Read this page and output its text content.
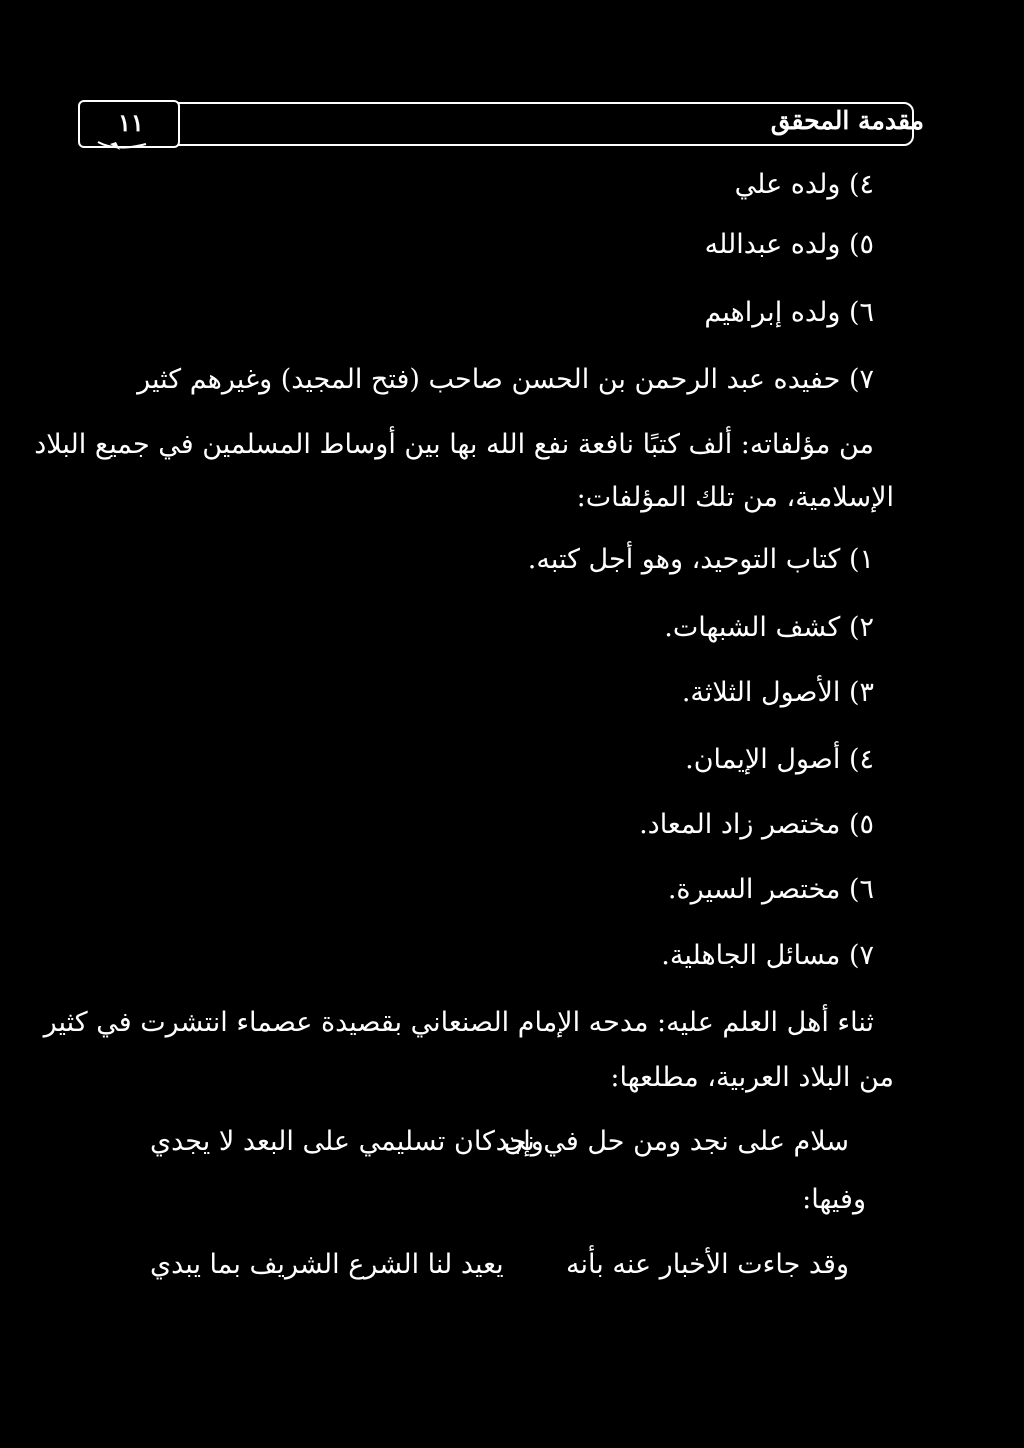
مقدمة المحقق
١١
٤) ولده علي
٥) ولده عبدالله
٦) ولده إبراهيم
٧) حفيده عبد الرحمن بن الحسن صاحب (فتح المجيد) وغيرهم كثير
من مؤلفاته: ألف كتبًا نافعة نفع الله بها بين أوساط المسلمين في جميع البلاد
الإسلامية، من تلك المؤلفات:
١) كتاب التوحيد، وهو أجل كتبه.
٢) كشف الشبهات.
٣) الأصول الثلاثة.
٤) أصول الإيمان.
٥) مختصر زاد المعاد.
٦) مختصر السيرة.
٧) مسائل الجاهلية.
ثناء أهل العلم عليه: مدحه الإمام الصنعاني بقصيدة عصماء انتشرت في كثير
من البلاد العربية، مطلعها:
سلام على نجد ومن حل في نجد
وإن كان تسليمي على البعد لا يجدي
وفيها:
وقد جاءت الأخبار عنه بأنه
يعيد لنا الشرع الشريف بما يبدي
